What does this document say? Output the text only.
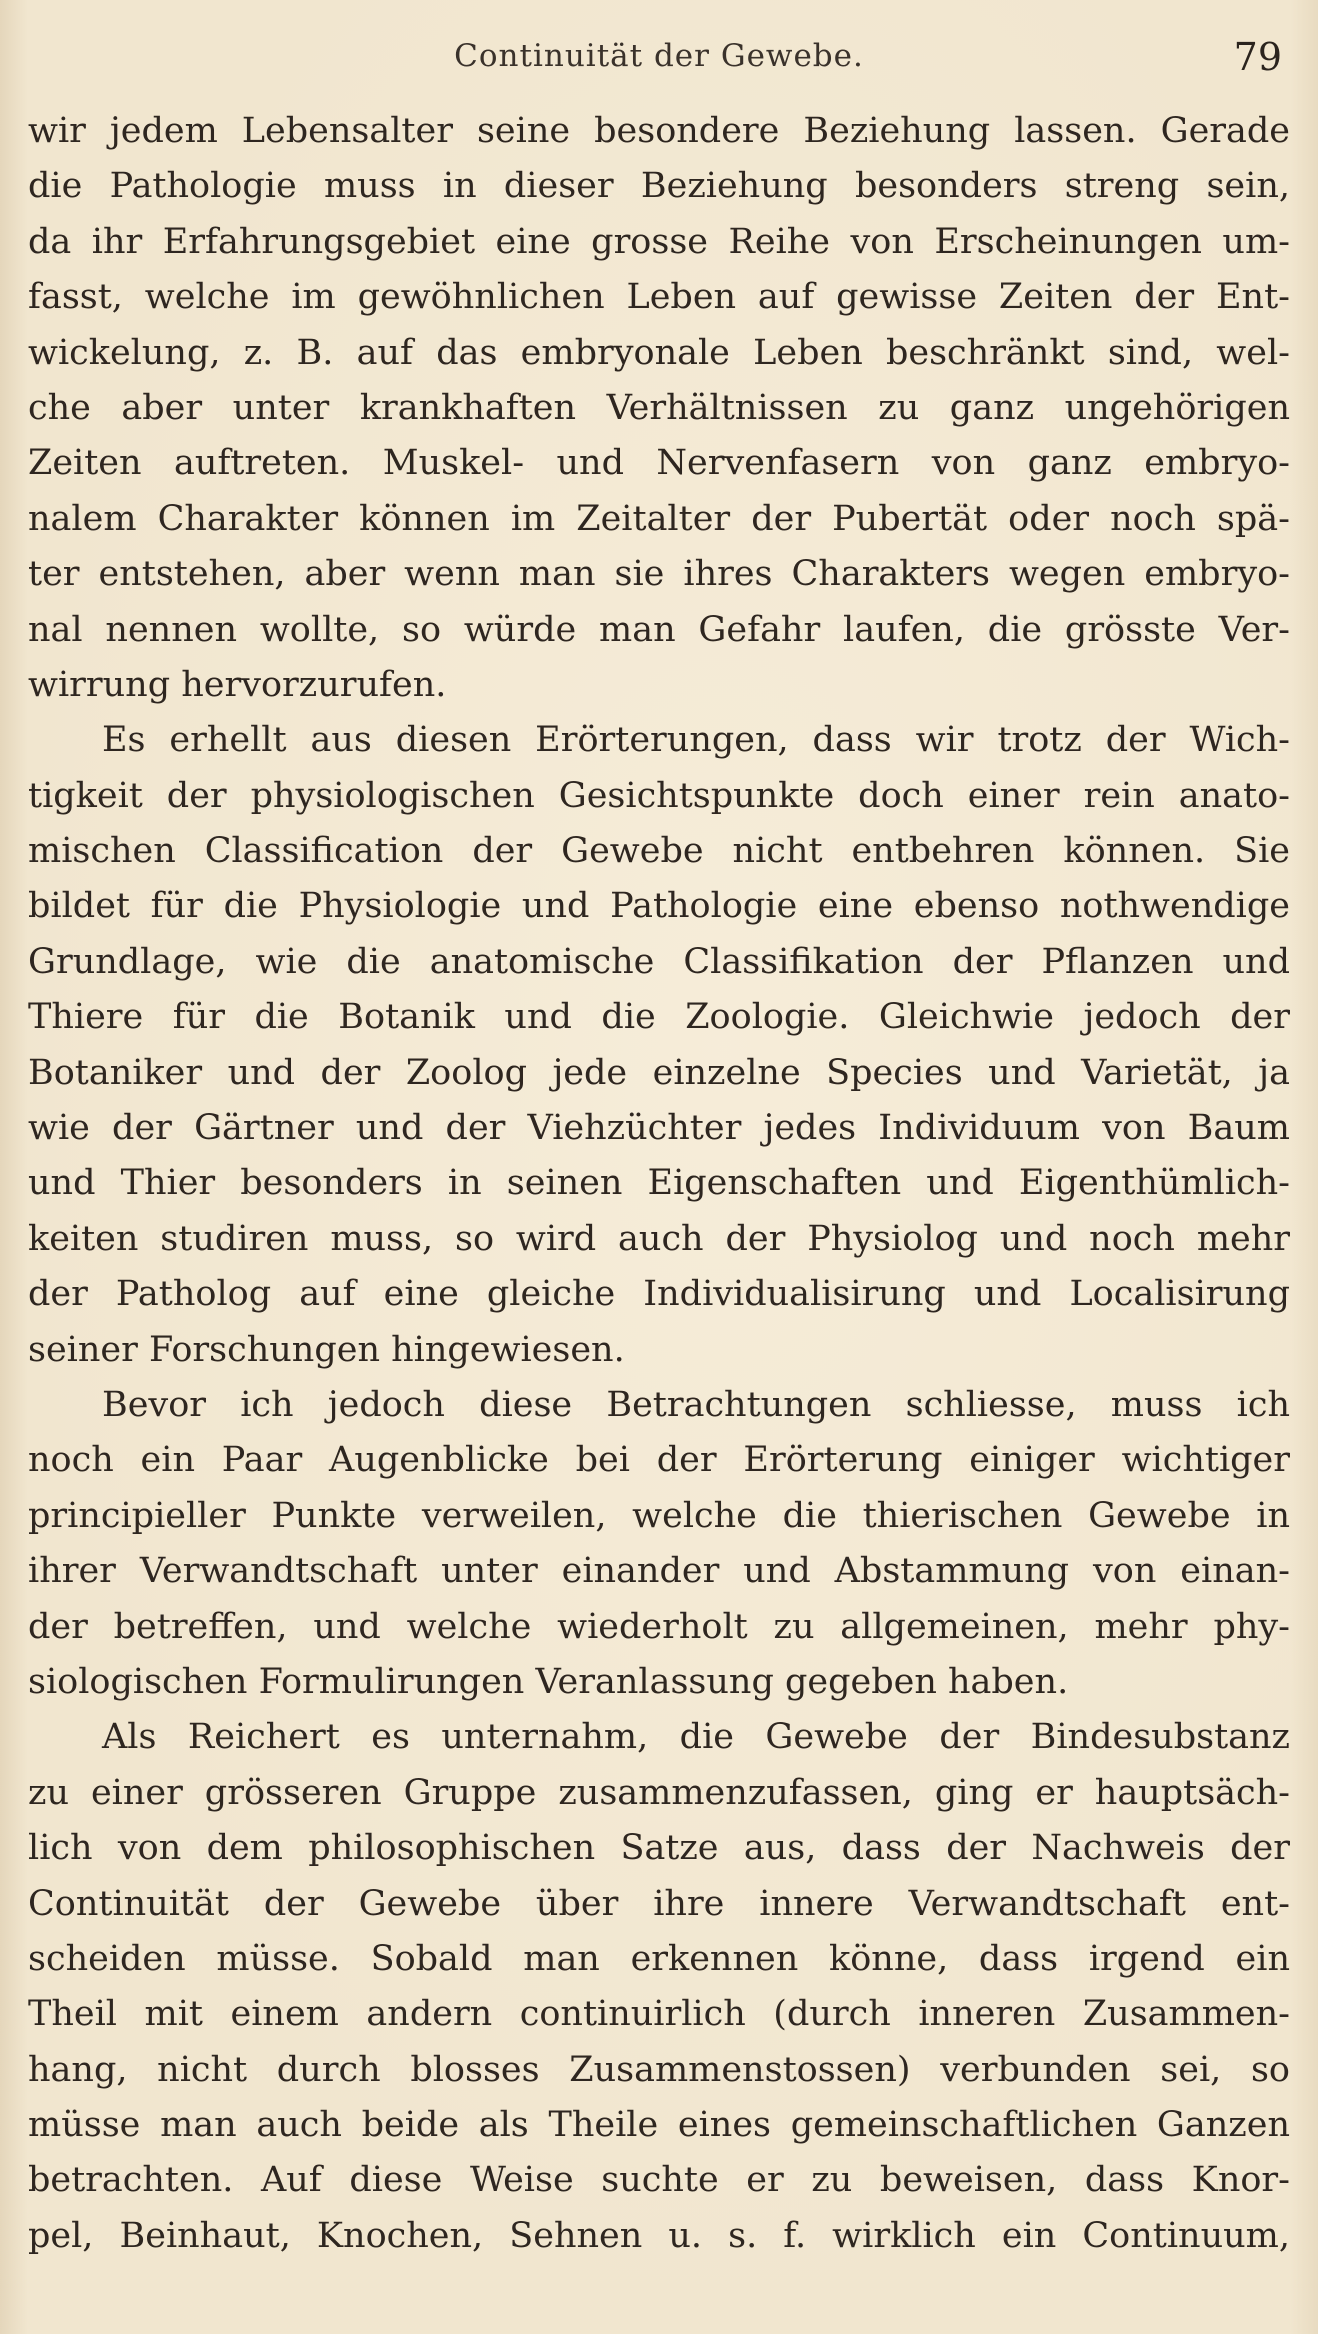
Continuität der Gewebe.	79
wir jedem Lebensalter seine besondere Beziehung lassen. Gerade
die Pathologie muss in dieser Beziehung besonders streng sein,
da ihr Erfahrungsgebiet eine grosse Reihe von Erscheinungen um-
fasst, welche im gewöhnlichen Leben auf gewisse Zeiten der Ent-
wickelung, z. B. auf das embryonale Leben beschränkt sind, wel-
che aber unter krankhaften Verhältnissen zu ganz ungehörigen
Zeiten auftreten. Muskel- und Nervenfasern von ganz embryo-
nalem Charakter können im Zeitalter der Pubertät oder noch spä-
ter entstehen, aber wenn man sie ihres Charakters wegen embryo-
nal nennen wollte, so würde man Gefahr laufen, die grösste Ver-
wirrung hervorzurufen.
Es erhellt aus diesen Erörterungen, dass wir trotz der Wich-
tigkeit der physiologischen Gesichtspunkte doch einer rein anato-
mischen Classification der Gewebe nicht entbehren können. Sie
bildet für die Physiologie und Pathologie eine ebenso nothwendige
Grundlage, wie die anatomische Classifikation der Pflanzen und
Thiere für die Botanik und die Zoologie. Gleichwie jedoch der
Botaniker und der Zoolog jede einzelne Species und Varietät, ja
wie der Gärtner und der Viehzüchter jedes Individuum von Baum
und Thier besonders in seinen Eigenschaften und Eigenthümlich-
keiten studiren muss, so wird auch der Physiolog und noch mehr
der Patholog auf eine gleiche Individualisirung und Localisirung
seiner Forschungen hingewiesen.
Bevor ich jedoch diese Betrachtungen schliesse, muss ich
noch ein Paar Augenblicke bei der Erörterung einiger wichtiger
principieller Punkte verweilen, welche die thierischen Gewebe in
ihrer Verwandtschaft unter einander und Abstammung von einan-
der betreffen, und welche wiederholt zu allgemeinen, mehr phy-
siologischen Formulirungen Veranlassung gegeben haben.
Als Reichert es unternahm, die Gewebe der Bindesubstanz
zu einer grösseren Gruppe zusammenzufassen, ging er hauptsäch-
lich von dem philosophischen Satze aus, dass der Nachweis der
Continuität der Gewebe über ihre innere Verwandtschaft ent-
scheiden müsse. Sobald man erkennen könne, dass irgend ein
Theil mit einem andern continuirlich (durch inneren Zusammen-
hang, nicht durch blosses Zusammenstossen) verbunden sei, so
müsse man auch beide als Theile eines gemeinschaftlichen Ganzen
betrachten. Auf diese Weise suchte er zu beweisen, dass Knor-
pel, Beinhaut, Knochen, Sehnen u. s. f. wirklich ein Continuum,
